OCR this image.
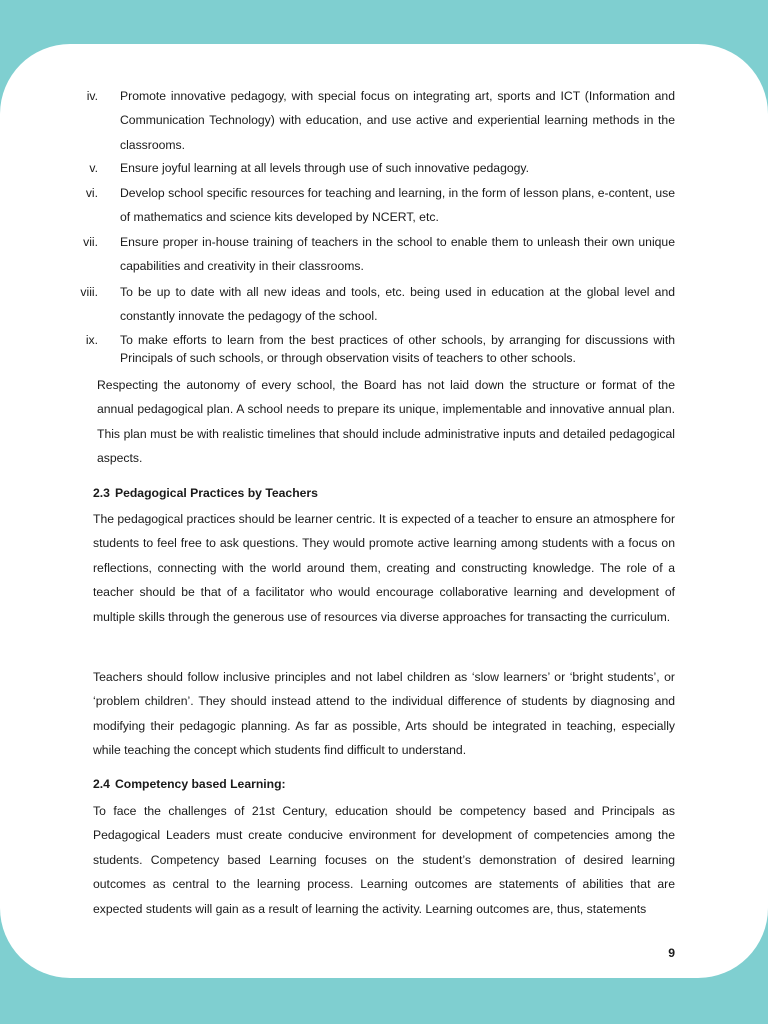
iv. Promote innovative pedagogy, with special focus on integrating art, sports and ICT (Information and Communication Technology) with education, and use active and experiential learning methods in the classrooms.
v. Ensure joyful learning at all levels through use of such innovative pedagogy.
vi. Develop school specific resources for teaching and learning, in the form of lesson plans, e-content, use of mathematics and science kits developed by NCERT, etc.
vii. Ensure proper in-house training of teachers in the school to enable them to unleash their own unique capabilities and creativity in their classrooms.
viii. To be up to date with all new ideas and tools, etc. being used in education at the global level and constantly innovate the pedagogy of the school.
ix. To make efforts to learn from the best practices of other schools, by arranging for discussions with Principals of such schools, or through observation visits of teachers to other schools.
Respecting the autonomy of every school, the Board has not laid down the structure or format of the annual pedagogical plan. A school needs to prepare its unique, implementable and innovative annual plan. This plan must be with realistic timelines that should include administrative inputs and detailed pedagogical aspects.
2.3 Pedagogical Practices by Teachers
The pedagogical practices should be learner centric. It is expected of a teacher to ensure an atmosphere for students to feel free to ask questions. They would promote active learning among students with a focus on reflections, connecting with the world around them, creating and constructing knowledge. The role of a teacher should be that of a facilitator who would encourage collaborative learning and development of multiple skills through the generous use of resources via diverse approaches for transacting the curriculum.
Teachers should follow inclusive principles and not label children as ‘slow learners’ or ‘bright students’, or ‘problem children’. They should instead attend to the individual difference of students by diagnosing and modifying their pedagogic planning. As far as possible, Arts should be integrated in teaching, especially while teaching the concept which students find difficult to understand.
2.4 Competency based Learning:
To face the challenges of 21st Century, education should be competency based and Principals as Pedagogical Leaders must create conducive environment for development of competencies among the students. Competency based Learning focuses on the student’s demonstration of desired learning outcomes as central to the learning process. Learning outcomes are statements of abilities that are expected students will gain as a result of learning the activity. Learning outcomes are, thus, statements
9
